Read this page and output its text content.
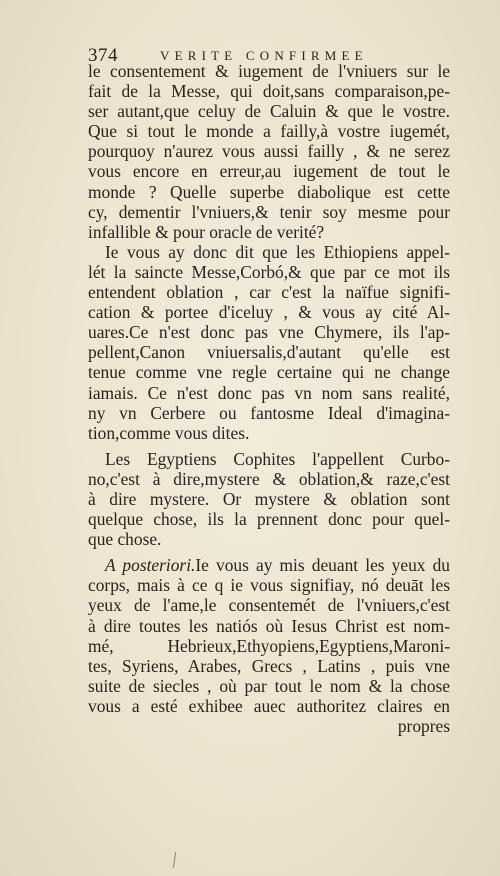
374	VERITE CONFIRMEE
le consentement & iugement de l'vniuers sur le
fait de la Messe, qui doit,sans comparaison,pe-
ser autant,que celuy de Caluin & que le vostre.
Que si tout le monde a failly,à vostre iugemét,
pourquoy n'aurez vous aussi failly , & ne serez
vous encore en erreur,au iugement de tout le
monde ? Quelle superbe diabolique est cette
cy, dementir l'vniuers,& tenir soy mesme pour
infallible & pour oracle de verité?
Ie vous ay donc dit que les Ethiopiens appel-
lét la saincte Messe,Corbó,& que par ce mot ils
entendent oblation , car c'est la naïfue signifi-
cation & portee d'iceluy , & vous ay cité Al-
uares.Ce n'est donc pas vne Chymere, ils l'ap-
pellent,Canon vniuersalis,d'autant qu'elle est
tenue comme vne regle certaine qui ne change
iamais. Ce n'est donc pas vn nom sans realité,
ny vn Cerbere ou fantosme Ideal d'imagina-
tion,comme vous dites.
Les Egyptiens Cophites l'appellent Curbo-
no,c'est à dire,mystere & oblation,& raze,c'est
à dire mystere. Or mystere & oblation sont
quelque chose, ils la prennent donc pour quel-
que chose.
A posteriori.Ie vous ay mis deuant les yeux du
corps, mais à ce q ie vous signifiay, nó deuāt les
yeux de l'ame,le consentemét de l'vniuers,c'est
à dire toutes les natiós où Iesus Christ est nom-
mé, Hebrieux,Ethyopiens,Egyptiens,Maroni-
tes, Syriens, Arabes, Grecs , Latins , puis vne
suite de siecles , où par tout le nom & la chose
vous a esté exhibee auec authoritez claires en
propres
